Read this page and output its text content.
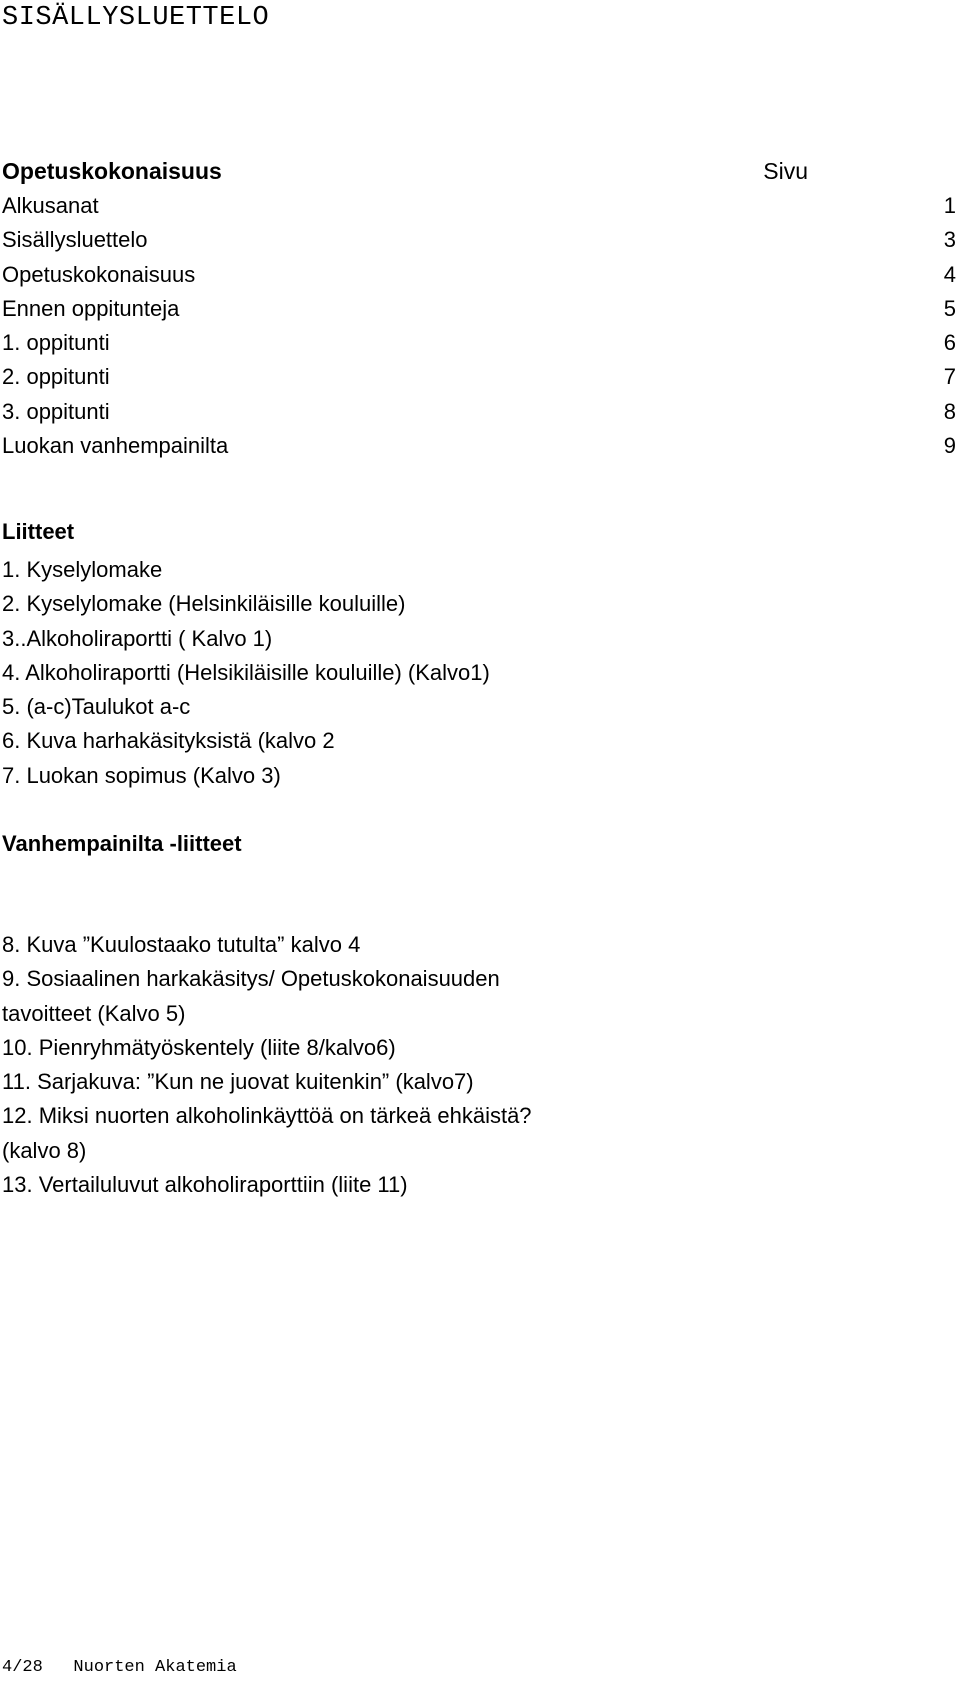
SISÄLLYSLUETTELO
Opetuskokonaisuus	Sivu
Alkusanat	1
Sisällysluettelo	3
Opetuskokonaisuus	4
Ennen oppitunteja	5
1. oppitunti	6
2. oppitunti	7
3. oppitunti	8
Luokan vanhempainilta	9
Liitteet
1. Kyselylomake
2. Kyselylomake (Helsinkiläisille kouluille)
3..Alkoholiraportti ( Kalvo 1)
4. Alkoholiraportti (Helsikiläisille kouluille) (Kalvo1)
5. (a-c)Taulukot a-c
6. Kuva harhakäsityksistä (kalvo 2
7. Luokan sopimus (Kalvo 3)
Vanhempainilta -liitteet
8. Kuva ”Kuulostaako tutulta” kalvo 4
9. Sosiaalinen harkakäsitys/ Opetuskokonaisuuden
tavoitteet (Kalvo 5)
10. Pienryhmätyöskentely (liite 8/kalvo6)
11. Sarjakuva: ”Kun ne juovat kuitenkin” (kalvo7)
12. Miksi nuorten alkoholinkäyttöä on tärkeä ehkäistä?
(kalvo 8)
13. Vertailuluvut alkoholiraporttiin (liite 11)
4/28 Nuorten Akatemia
